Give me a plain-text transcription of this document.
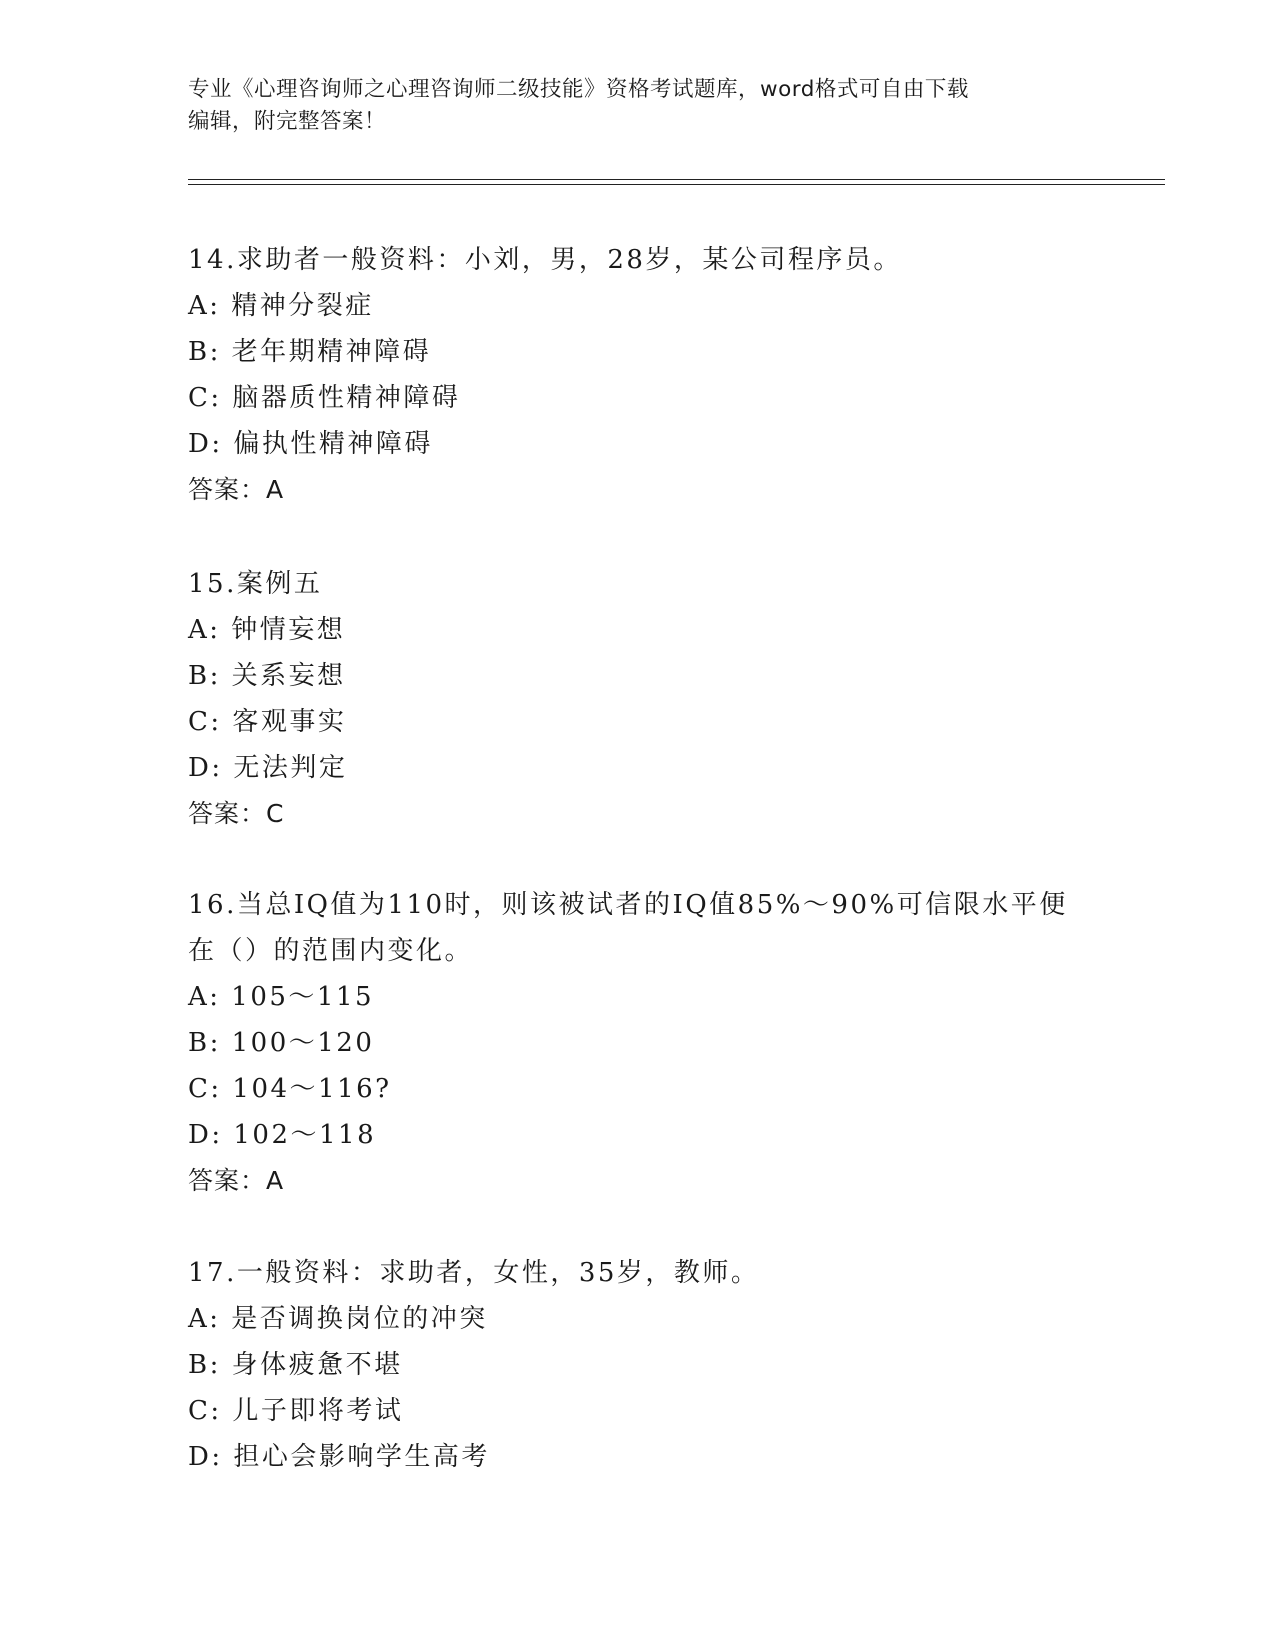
专业《心理咨询师之心理咨询师二级技能》资格考试题库，word格式可自由下载
编辑，附完整答案！
14.求助者一般资料：小刘，男，28岁，某公司程序员。
A: 精神分裂症
B: 老年期精神障碍
C: 脑器质性精神障碍
D: 偏执性精神障碍
答案：A
15.案例五
A: 钟情妄想
B: 关系妄想
C: 客观事实
D: 无法判定
答案：C
16.当总IQ值为110时，则该被试者的IQ值85%～90%可信限水平便
在（）的范围内变化。
A: 105～115
B: 100～120
C: 104～116?
D: 102～118
答案：A
17.一般资料：求助者，女性，35岁，教师。
A: 是否调换岗位的冲突
B: 身体疲惫不堪
C: 儿子即将考试
D: 担心会影响学生高考
